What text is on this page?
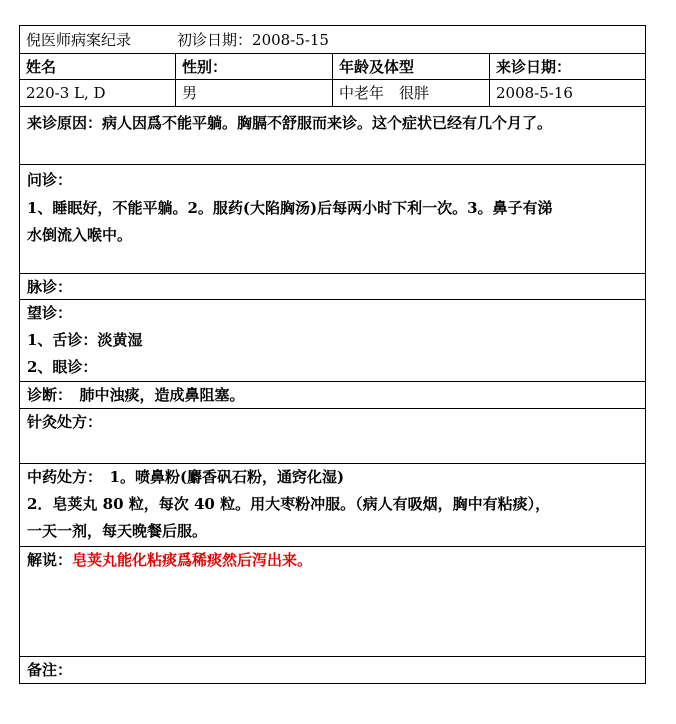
倪医师病案纪录	初诊日期： 2008-5-15
姓名	性别：	年龄及体型	来诊日期：
220-3 L, D	男	中老年　很胖	2008-5-16
来诊原因：病人因爲不能平躺。胸膈不舒服而来诊。这个症状已经有几个月了。
问诊：
1、睡眠好，不能平躺。2。服药(大陷胸汤)后每两小时下利一次。3。鼻子有涕
水倒流入喉中。
脉诊：
望诊：
1、舌诊：淡黄湿
2、眼诊：
诊断：　肺中浊痰，造成鼻阻塞。
针灸处方：
中药处方：　1。喷鼻粉(麝香矾石粉，通窍化湿)
2．皂荚丸 80 粒，每次 40 粒。用大枣粉冲服。（病人有吸烟，胸中有粘痰），
一天一剂，每天晚餐后服。
解说：皂荚丸能化粘痰爲稀痰然后泻出来。
备注：
